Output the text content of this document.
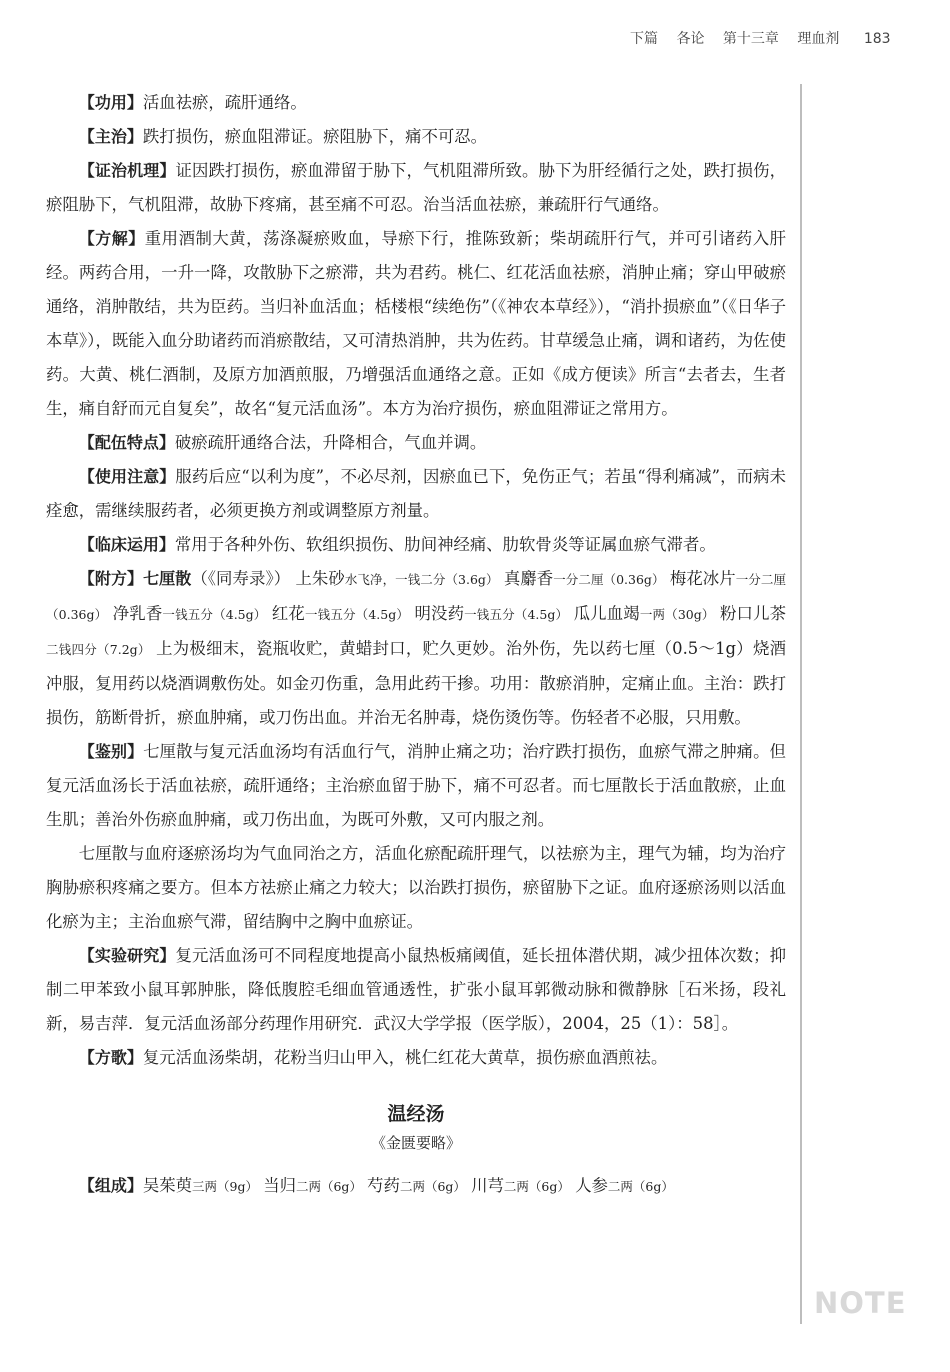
下篇 各论 第十三章 理血剂 183
NOTE

【 功用 】 活血祛瘀，疏肝通络。

【 主治 】 跌打损伤，瘀血阻滞证。瘀阻胁下，痛不可忍。

【 证治机理 】 证因跌打损伤，瘀血滞留于胁下，气机阻滞所致。胁下为肝经循行之处，跌打损伤，瘀阻胁下，气机阻滞，故胁下疼痛，甚至痛不可忍。治当活血祛瘀，兼疏肝行气通络。

【 方解 】 重用酒制大黄，荡涤凝瘀败血，导瘀下行，推陈致新；柴胡疏肝行气，并可引诸药入肝经。两药合用，一升一降，攻散胁下之瘀滞，共为君药。桃仁、红花活血祛瘀，消肿止痛；穿山甲破瘀通络，消肿散结，共为臣药。当归补血活血；栝楼根“续绝伤”（《神农本草经》），“消扑损瘀血”（《日华子本草》），既能入血分助诸药而消瘀散结，又可清热消肿，共为佐药。甘草缓急止痛，调和诸药，为佐使药。大黄、桃仁酒制，及原方加酒煎服，乃增强活血通络之意。正如《成方便读》所言“去者去，生者生，痛自舒而元自复矣”，故名“复元活血汤”。本方为治疗损伤，瘀血阻滞证之常用方。

【 配伍特点 】 破瘀疏肝通络合法，升降相合，气血并调。

【 使用注意 】 服药后应“以利为度”，不必尽剂，因瘀血已下，免伤正气；若虽“得利痛减”，而病未痊愈，需继续服药者，必须更换方剂或调整原方剂量。

【 临床运用 】 常用于各种外伤、软组织损伤、肋间神经痛、肋软骨炎等证属血瘀气滞者。

【 附方 】 七厘散（《同寿录》） 上朱砂水飞净，一钱二分（3.6g） 真麝香一分二厘（0.36g） 梅花冰片一分二厘（0.36g） 净乳香一钱五分（4.5g） 红花一钱五分（4.5g） 明没药一钱五分（4.5g） 瓜儿血竭一两（30g） 粉口儿茶二钱四分（7.2g） 上为极细末，瓷瓶收贮，黄蜡封口，贮久更妙。治外伤，先以药七厘（0.5～1g）烧酒冲服，复用药以烧酒调敷伤处。如金刃伤重，急用此药干掺。功用：散瘀消肿，定痛止血。主治：跌打损伤，筋断骨折，瘀血肿痛，或刀伤出血。并治无名肿毒，烧伤烫伤等。伤轻者不必服，只用敷。

【 鉴别 】 七厘散与复元活血汤均有活血行气，消肿止痛之功；治疗跌打损伤，血瘀气滞之肿痛。但复元活血汤长于活血祛瘀，疏肝通络；主治瘀血留于胁下，痛不可忍者。而七厘散长于活血散瘀，止血生肌；善治外伤瘀血肿痛，或刀伤出血，为既可外敷，又可内服之剂。

七厘散与血府逐瘀汤均为气血同治之方，活血化瘀配疏肝理气，以祛瘀为主，理气为辅，均为治疗胸胁瘀积疼痛之要方。但本方祛瘀止痛之力较大；以治跌打损伤，瘀留胁下之证。血府逐瘀汤则以活血化瘀为主；主治血瘀气滞，留结胸中之胸中血瘀证。

【 实验研究 】 复元活血汤可不同程度地提高小鼠热板痛阈值，延长扭体潜伏期，减少扭体次数；抑制二甲苯致小鼠耳郭肿胀，降低腹腔毛细血管通透性，扩张小鼠耳郭微动脉和微静脉［石米扬，段礼新，易吉萍．复元活血汤部分药理作用研究．武汉大学学报（医学版），2004，25（1）：58］。

【 方歌 】 复元活血汤柴胡，花粉当归山甲入，桃仁红花大黄草，损伤瘀血酒煎祛。

温经汤
《金匮要略》

【 组成 】 吴茱萸三两（9g） 当归二两（6g） 芍药二两（6g） 川芎二两（6g） 人参二两（6g）
